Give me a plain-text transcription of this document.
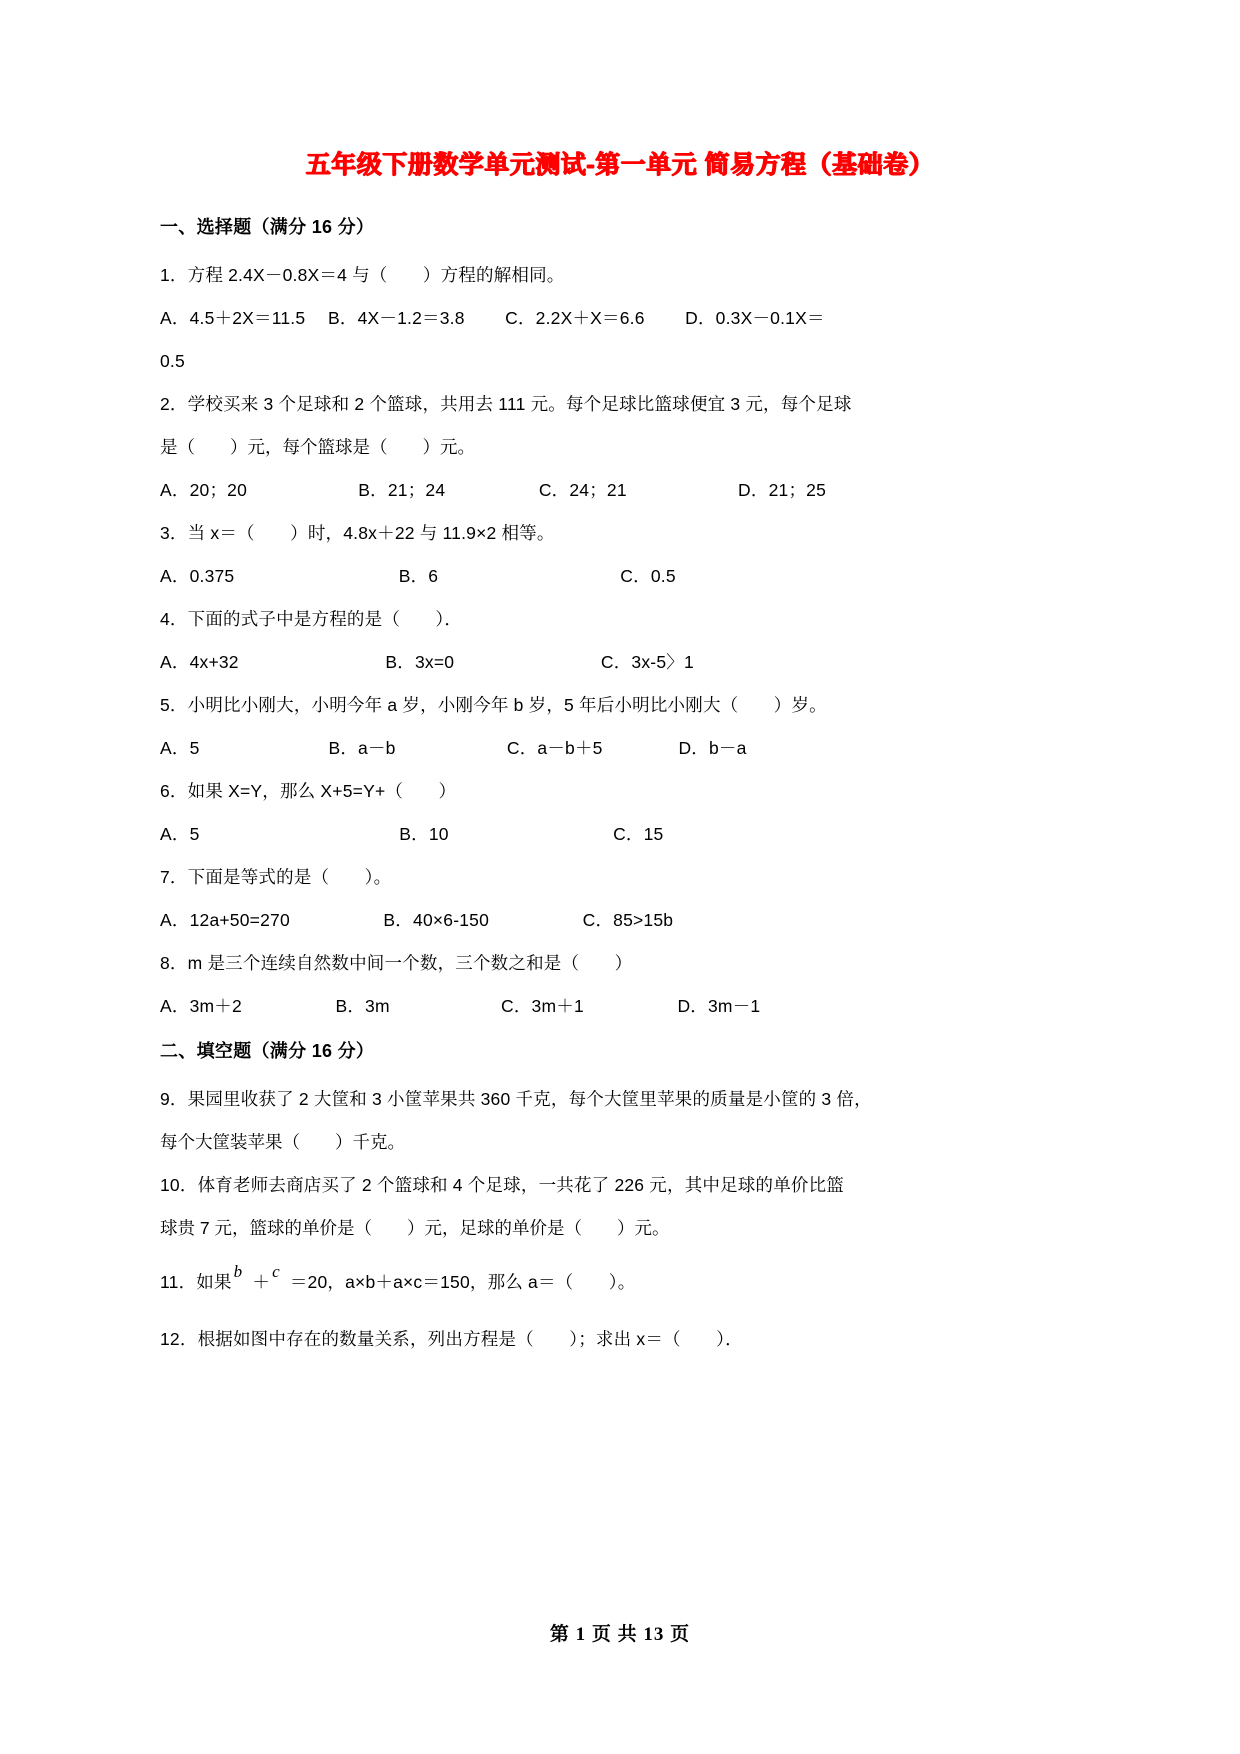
五年级下册数学单元测试-第一单元 简易方程（基础卷）
一、选择题（满分 16 分）
1．方程 2.4X－0.8X＝4 与（　　）方程的解相同。
A．4.5＋2X＝11.5　 B．4X－1.2＝3.8　　 C．2.2X＋X＝6.6　　 D．0.3X－0.1X＝
0.5
2．学校买来 3 个足球和 2 个篮球，共用去 111 元。每个足球比篮球便宜 3 元，每个足球
是（　　）元，每个篮球是（　　）元。
A．20；20　　　　　　 B．21；24　　　　　 C．24；21　　　　　　 D．21；25
3．当 x＝（　　）时，4.8x＋22 与 11.9×2 相等。
A．0.375　　　　　　　　　 B．6　　　　　　　　　　 C．0.5
4．下面的式子中是方程的是（　　）．
A．4x+32　　　　　　　　 B．3x=0　　　　　　　　 C．3x-5〉1
5．小明比小刚大，小明今年 a 岁，小刚今年 b 岁，5 年后小明比小刚大（　　）岁。
A．5　　　　　　　 B．a－b　　　　　　 C．a－b＋5　　　　 D．b－a
6．如果 X=Y，那么 X+5=Y+（　　）
A．5　　　　　　　　　　　 B．10　　　　　　　　　 C．15
7．下面是等式的是（　　）。
A．12a+50=270　　　　　 B．40×6-150　　　　　 C．85>15b
8．m 是三个连续自然数中间一个数，三个数之和是（　　）
A．3m＋2　　　　　 B．3m　　　　　　 C．3m＋1　　　　　 D．3m－1
二、填空题（满分 16 分）
9．果园里收获了 2 大筐和 3 小筐苹果共 360 千克，每个大筐里苹果的质量是小筐的 3 倍，
每个大筐装苹果（　　）千克。
10．体育老师去商店买了 2 个篮球和 4 个足球，一共花了 226 元，其中足球的单价比篮
球贵 7 元，篮球的单价是（　　）元，足球的单价是（　　）元。
11．如果b＋c＝20，a×b＋a×c＝150，那么 a＝（　　）。
12．根据如图中存在的数量关系，列出方程是（　　）；求出 x＝（　　）．
第 1 页 共 13 页
